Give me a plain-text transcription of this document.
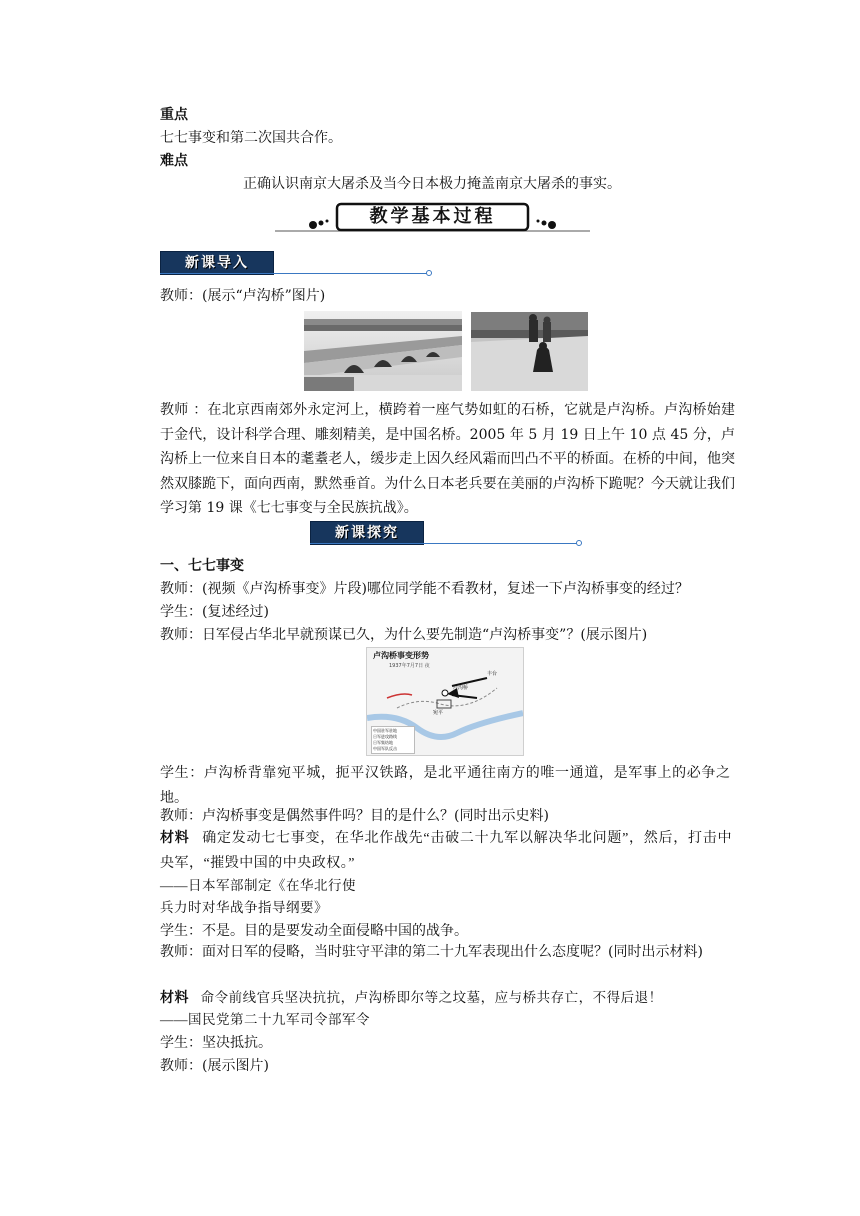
重点
七七事变和第二次国共合作。
难点
正确认识南京大屠杀及当今日本极力掩盖南京大屠杀的事实。
教学基本过程
新课导入
教师：(展示“卢沟桥”图片)
教师 ：在北京西南郊外永定河上，横跨着一座气势如虹的石桥，它就是卢沟桥。卢沟桥始建于金代，设计科学合理、雕刻精美，是中国名桥。2005 年 5 月 19 日上午 10 点 45 分，卢沟桥上一位来自日本的耄耋老人，缓步走上因久经风霜而凹凸不平的桥面。在桥的中间，他突然双膝跪下，面向西南，默然垂首。为什么日本老兵要在美丽的卢沟桥下跪呢？今天就让我们学习第 19 课《七七事变与全民族抗战》。
新课探究
一、七七事变
教师：(视频《卢沟桥事变》片段)哪位同学能不看教材，复述一下卢沟桥事变的经过？
学生：(复述经过)
教师：日军侵占华北早就预谋已久，为什么要先制造“卢沟桥事变”？(展示图片)
卢沟桥事变形势
1937年7月7日 夜
宛平
卢沟桥
丰台
中国驻军驻地
日军进攻路线
日军集结地
中国军队反击
学生：卢沟桥背靠宛平城，扼平汉铁路，是北平通往南方的唯一通道，是军事上的必争之地。
教师：卢沟桥事变是偶然事件吗？目的是什么？(同时出示史料)
材料 确定发动七七事变，在华北作战先“击破二十九军以解决华北问题”，然后，打击中央军，“摧毁中国的中央政权。”
——日本军部制定《在华北行使
兵力时对华战争指导纲要》
学生：不是。目的是要发动全面侵略中国的战争。
教师：面对日军的侵略，当时驻守平津的第二十九军表现出什么态度呢？(同时出示材料)
材料 命令前线官兵坚决抗抗，卢沟桥即尔等之坟墓，应与桥共存亡，不得后退！
——国民党第二十九军司令部军令
学生：坚决抵抗。
教师：(展示图片)
